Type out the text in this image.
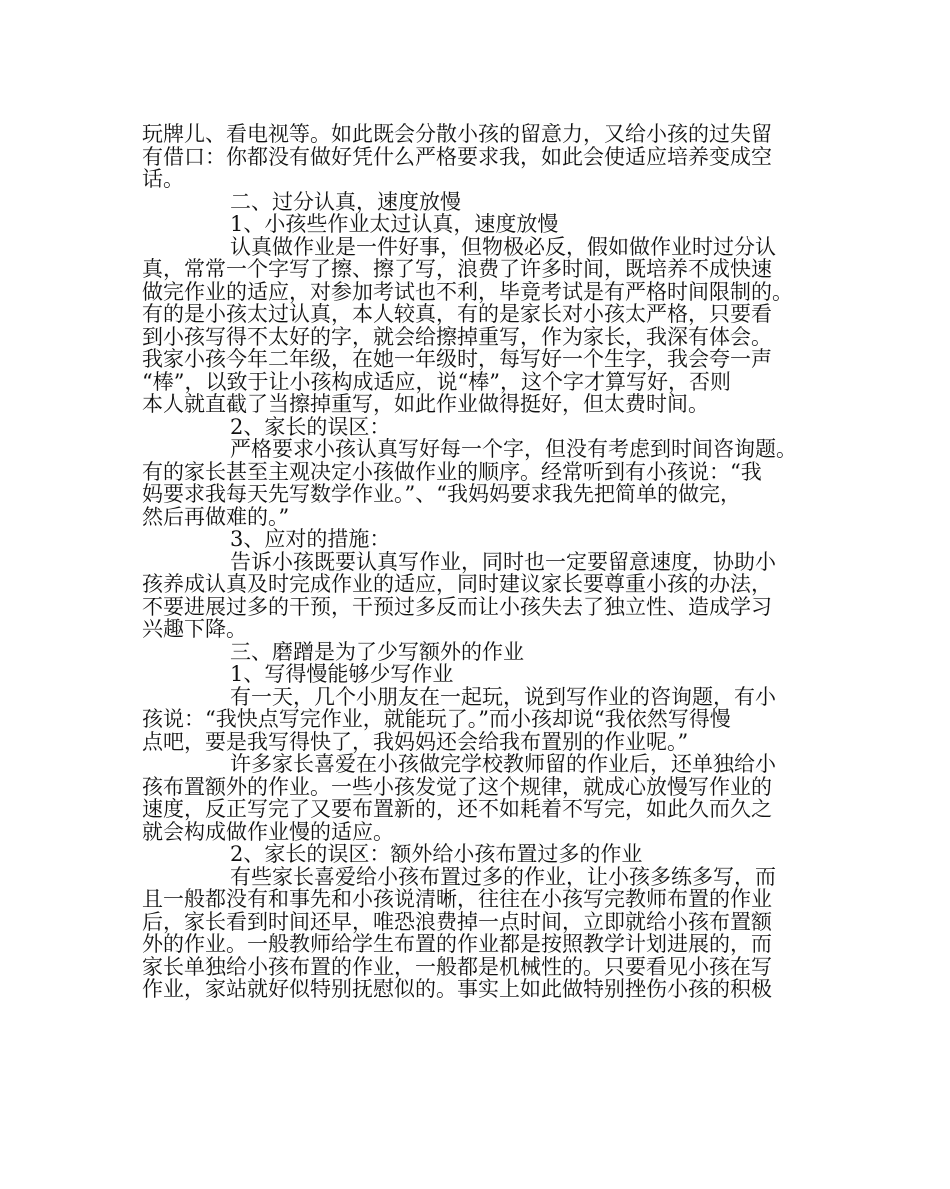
玩牌儿、看电视等。如此既会分散小孩的留意力，又给小孩的过失留
有借口：你都没有做好凭什么严格要求我，如此会使适应培养变成空
话。
二、过分认真，速度放慢
1、小孩些作业太过认真，速度放慢
认真做作业是一件好事，但物极必反，假如做作业时过分认
真，常常一个字写了擦、擦了写，浪费了许多时间，既培养不成快速
做完作业的适应，对参加考试也不利，毕竟考试是有严格时间限制的。
有的是小孩太过认真，本人较真，有的是家长对小孩太严格，只要看
到小孩写得不太好的字，就会给擦掉重写，作为家长，我深有体会。
我家小孩今年二年级，在她一年级时，每写好一个生字，我会夸一声
“棒”，以致于让小孩构成适应，说“棒”，这个字才算写好，否则
本人就直截了当擦掉重写，如此作业做得挺好，但太费时间。
2、家长的误区：
严格要求小孩认真写好每一个字，但没有考虑到时间咨询题。
有的家长甚至主观决定小孩做作业的顺序。经常听到有小孩说：“我
妈要求我每天先写数学作业。”、“我妈妈要求我先把简单的做完，
然后再做难的。”
3、应对的措施：
告诉小孩既要认真写作业，同时也一定要留意速度，协助小
孩养成认真及时完成作业的适应，同时建议家长要尊重小孩的办法，
不要进展过多的干预，干预过多反而让小孩失去了独立性、造成学习
兴趣下降。
三、磨蹭是为了少写额外的作业
1、写得慢能够少写作业
有一天，几个小朋友在一起玩，说到写作业的咨询题，有小
孩说：“我快点写完作业，就能玩了。”而小孩却说“我依然写得慢
点吧，要是我写得快了，我妈妈还会给我布置别的作业呢。”
许多家长喜爱在小孩做完学校教师留的作业后，还单独给小
孩布置额外的作业。一些小孩发觉了这个规律，就成心放慢写作业的
速度，反正写完了又要布置新的，还不如耗着不写完，如此久而久之
就会构成做作业慢的适应。
2、家长的误区：额外给小孩布置过多的作业
有些家长喜爱给小孩布置过多的作业，让小孩多练多写，而
且一般都没有和事先和小孩说清晰，往往在小孩写完教师布置的作业
后，家长看到时间还早，唯恐浪费掉一点时间，立即就给小孩布置额
外的作业。一般教师给学生布置的作业都是按照教学计划进展的，而
家长单独给小孩布置的作业，一般都是机械性的。只要看见小孩在写
作业，家站就好似特别抚慰似的。事实上如此做特别挫伤小孩的积极
